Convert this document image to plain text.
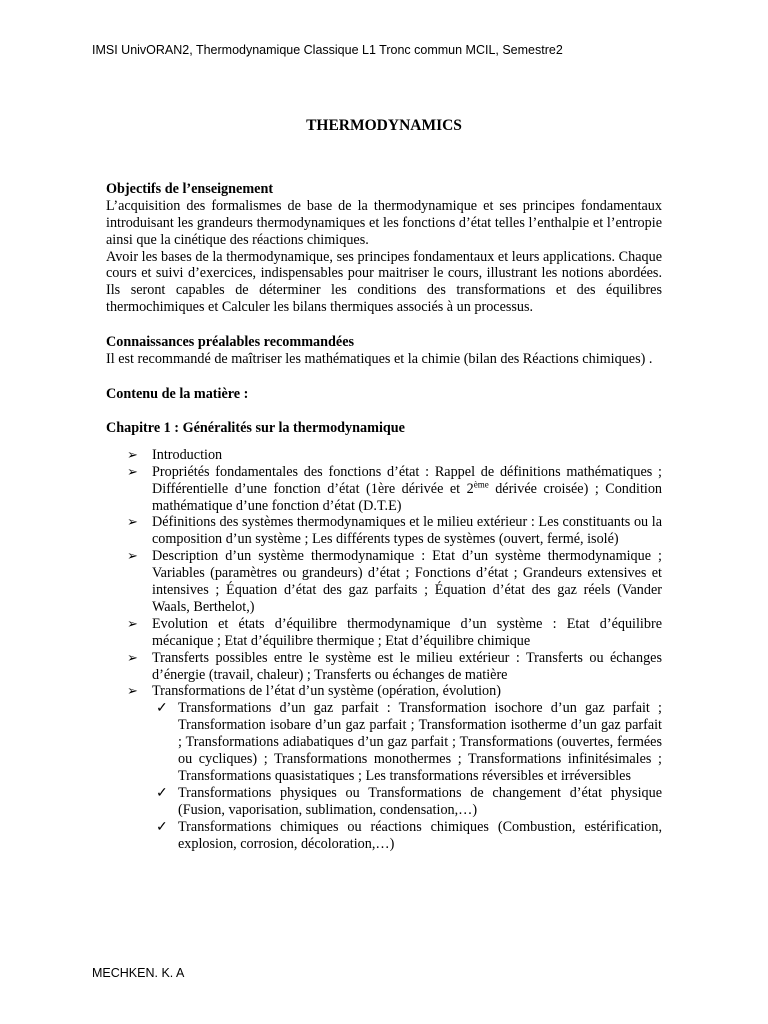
IMSI UnivORAN2, Thermodynamique Classique L1 Tronc commun MCIL, Semestre2
THERMODYNAMICS
Objectifs de l’enseignement

L’acquisition des formalismes de base de la thermodynamique et ses principes fondamentaux introduisant les grandeurs thermodynamiques et les fonctions d’état telles l’enthalpie et l’entropie ainsi que la cinétique des réactions chimiques.

Avoir les bases de la thermodynamique, ses principes fondamentaux et leurs applications. Chaque cours et suivi d’exercices, indispensables pour maitriser le cours, illustrant les notions abordées. Ils seront capables de déterminer les conditions des transformations et des équilibres thermochimiques et Calculer les bilans thermiques associés à un processus.

Connaissances préalables recommandées

Il est recommandé de maîtriser les mathématiques et la chimie (bilan des Réactions chimiques) .

Contenu de la matière :
Chapitre 1 : Généralités sur la thermodynamique
➢ Introduction
➢ Propriétés fondamentales des fonctions d’état : Rappel de définitions mathématiques ; Différentielle d’une fonction d’état (1ère dérivée et 2ème dérivée croisée) ; Condition mathématique d’une fonction d’état (D.T.E)
➢ Définitions des systèmes thermodynamiques et le milieu extérieur : Les constituants ou la composition d’un système ; Les différents types de systèmes (ouvert, fermé, isolé)
➢ Description d’un système thermodynamique : Etat d’un système thermodynamique ; Variables (paramètres ou grandeurs) d’état ; Fonctions d’état ; Grandeurs extensives et intensives ; Équation d’état des gaz parfaits ; Équation d’état des gaz réels (Vander Waals, Berthelot,)
➢ Evolution et états d’équilibre thermodynamique d’un système : Etat d’équilibre mécanique ; Etat d’équilibre thermique ; Etat d’équilibre chimique
➢ Transferts possibles entre le système est le milieu extérieur : Transferts ou échanges d’énergie (travail, chaleur) ; Transferts ou échanges de matière
➢ Transformations de l’état d’un système (opération, évolution)
✓ Transformations d’un gaz parfait : Transformation isochore d’un gaz parfait ; Transformation isobare d’un gaz parfait ; Transformation isotherme d’un gaz parfait ; Transformations adiabatiques d’un gaz parfait ; Transformations (ouvertes, fermées ou cycliques) ; Transformations monothermes ; Transformations infinitésimales ; Transformations quasistatiques ; Les transformations réversibles et irréversibles
✓ Transformations physiques ou Transformations de changement d’état physique (Fusion, vaporisation, sublimation, condensation,…)
✓ Transformations chimiques ou réactions chimiques (Combustion, estérification, explosion, corrosion, décoloration,…)
MECHKEN. K. A
